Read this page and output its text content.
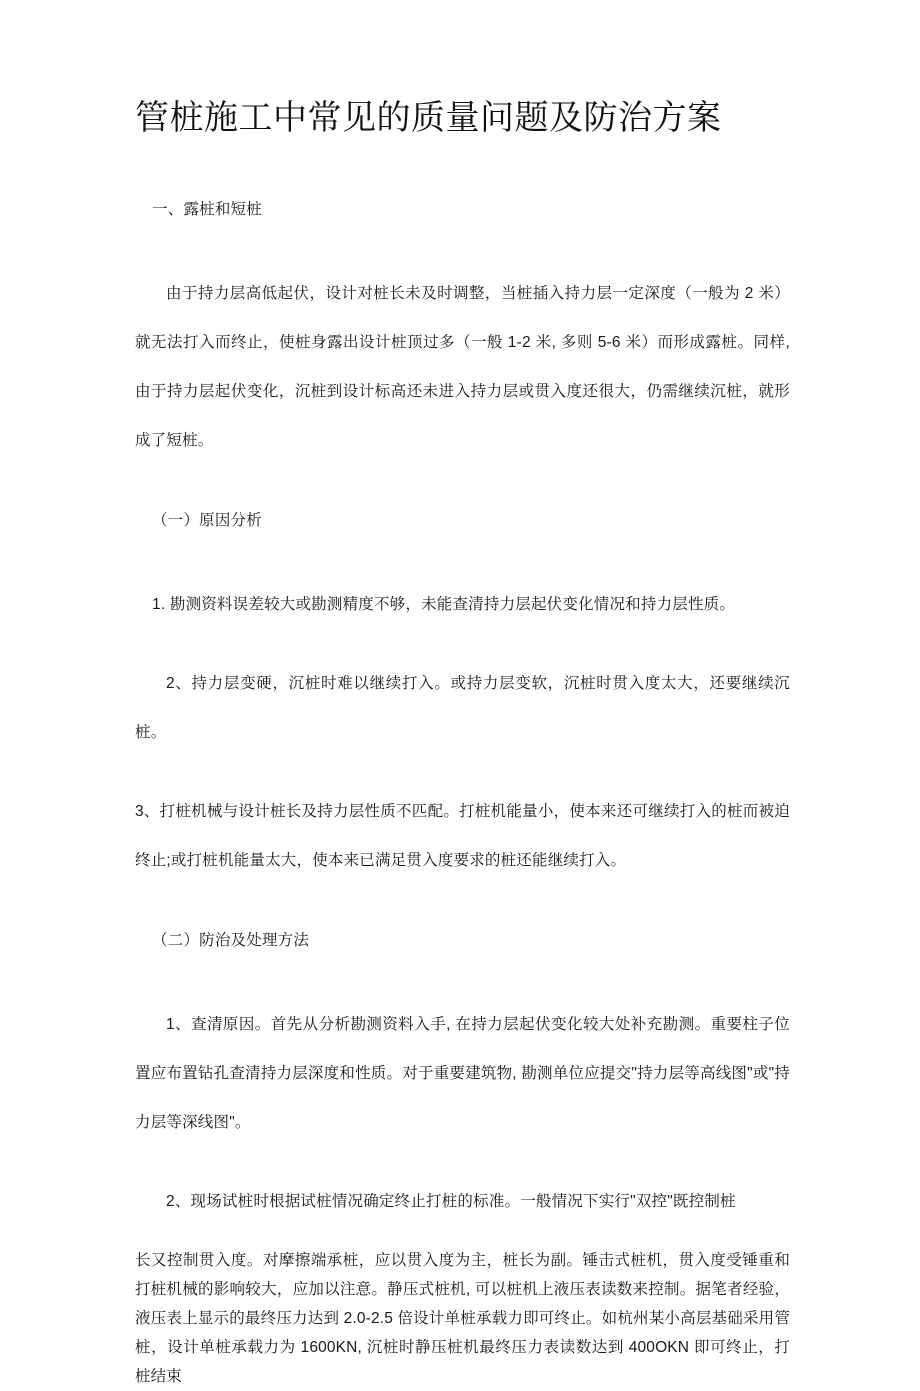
管桩施工中常见的质量问题及防治方案

一、露桩和短桩

由于持力层高低起伏，设计对桩长未及时调整，当桩插入持力层一定深度（一般为 2 米）就无法打入而终止，使桩身露出设计桩顶过多（一般 1-2 米, 多则 5-6 米）而形成露桩。同样, 由于持力层起伏变化，沉桩到设计标高还未进入持力层或贯入度还很大，仍需继续沉桩，就形成了短桩。

（一）原因分析

1. 勘测资料误差较大或勘测精度不够，未能查清持力层起伏变化情况和持力层性质。

2、持力层变硬，沉桩时难以继续打入。或持力层变软，沉桩时贯入度太大，还要继续沉桩。

3、打桩机械与设计桩长及持力层性质不匹配。打桩机能量小，使本来还可继续打入的桩而被迫终止;或打桩机能量太大，使本来已满足贯入度要求的桩还能继续打入。

（二）防治及处理方法

1、查清原因。首先从分析勘测资料入手, 在持力层起伏变化较大处补充勘测。重要柱子位置应布置钻孔查清持力层深度和性质。对于重要建筑物, 勘测单位应提交"持力层等高线图"或"持力层等深线图"。

2、现场试桩时根据试桩情况确定终止打桩的标准。一般情况下实行"双控"既控制桩

长又控制贯入度。对摩擦端承桩，应以贯入度为主，桩长为副。锤击式桩机，贯入度受锤重和打桩机械的影响较大，应加以注意。静压式桩机, 可以桩机上液压表读数来控制。据笔者经验，液压表上显示的最终压力达到 2.0-2.5 倍设计单桩承载力即可终止。如杭州某小高层基础采用管桩，设计单桩承载力为 1600KN, 沉桩时静压桩机最终压力表读数达到 400OKN 即可终止，打桩结束
